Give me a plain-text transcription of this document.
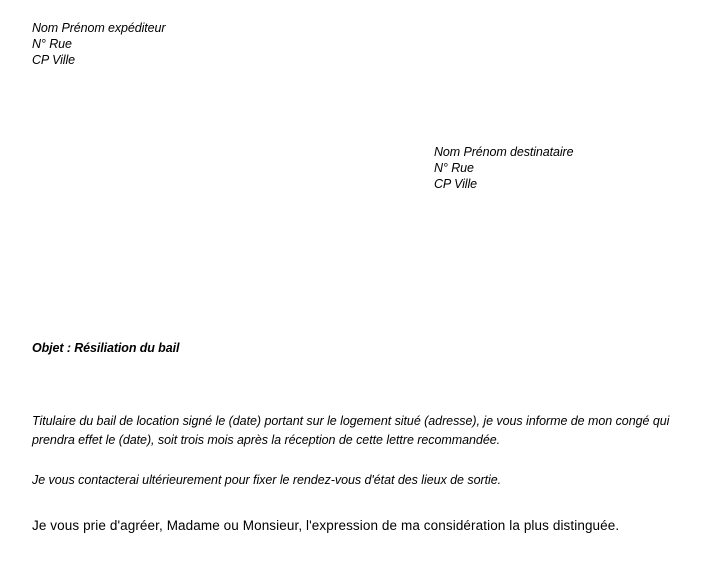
Nom Prénom expéditeur
N° Rue
CP Ville
Nom Prénom destinataire
N° Rue
CP Ville
Objet : Résiliation du bail
Titulaire du bail de location signé le (date) portant sur le logement situé (adresse), je vous informe de mon congé qui prendra effet le (date), soit trois mois après la réception de cette lettre recommandée.
Je vous contacterai ultérieurement pour fixer le rendez-vous d'état des lieux de sortie.
Je vous prie d'agréer, Madame ou Monsieur, l'expression de ma considération la plus distinguée.
